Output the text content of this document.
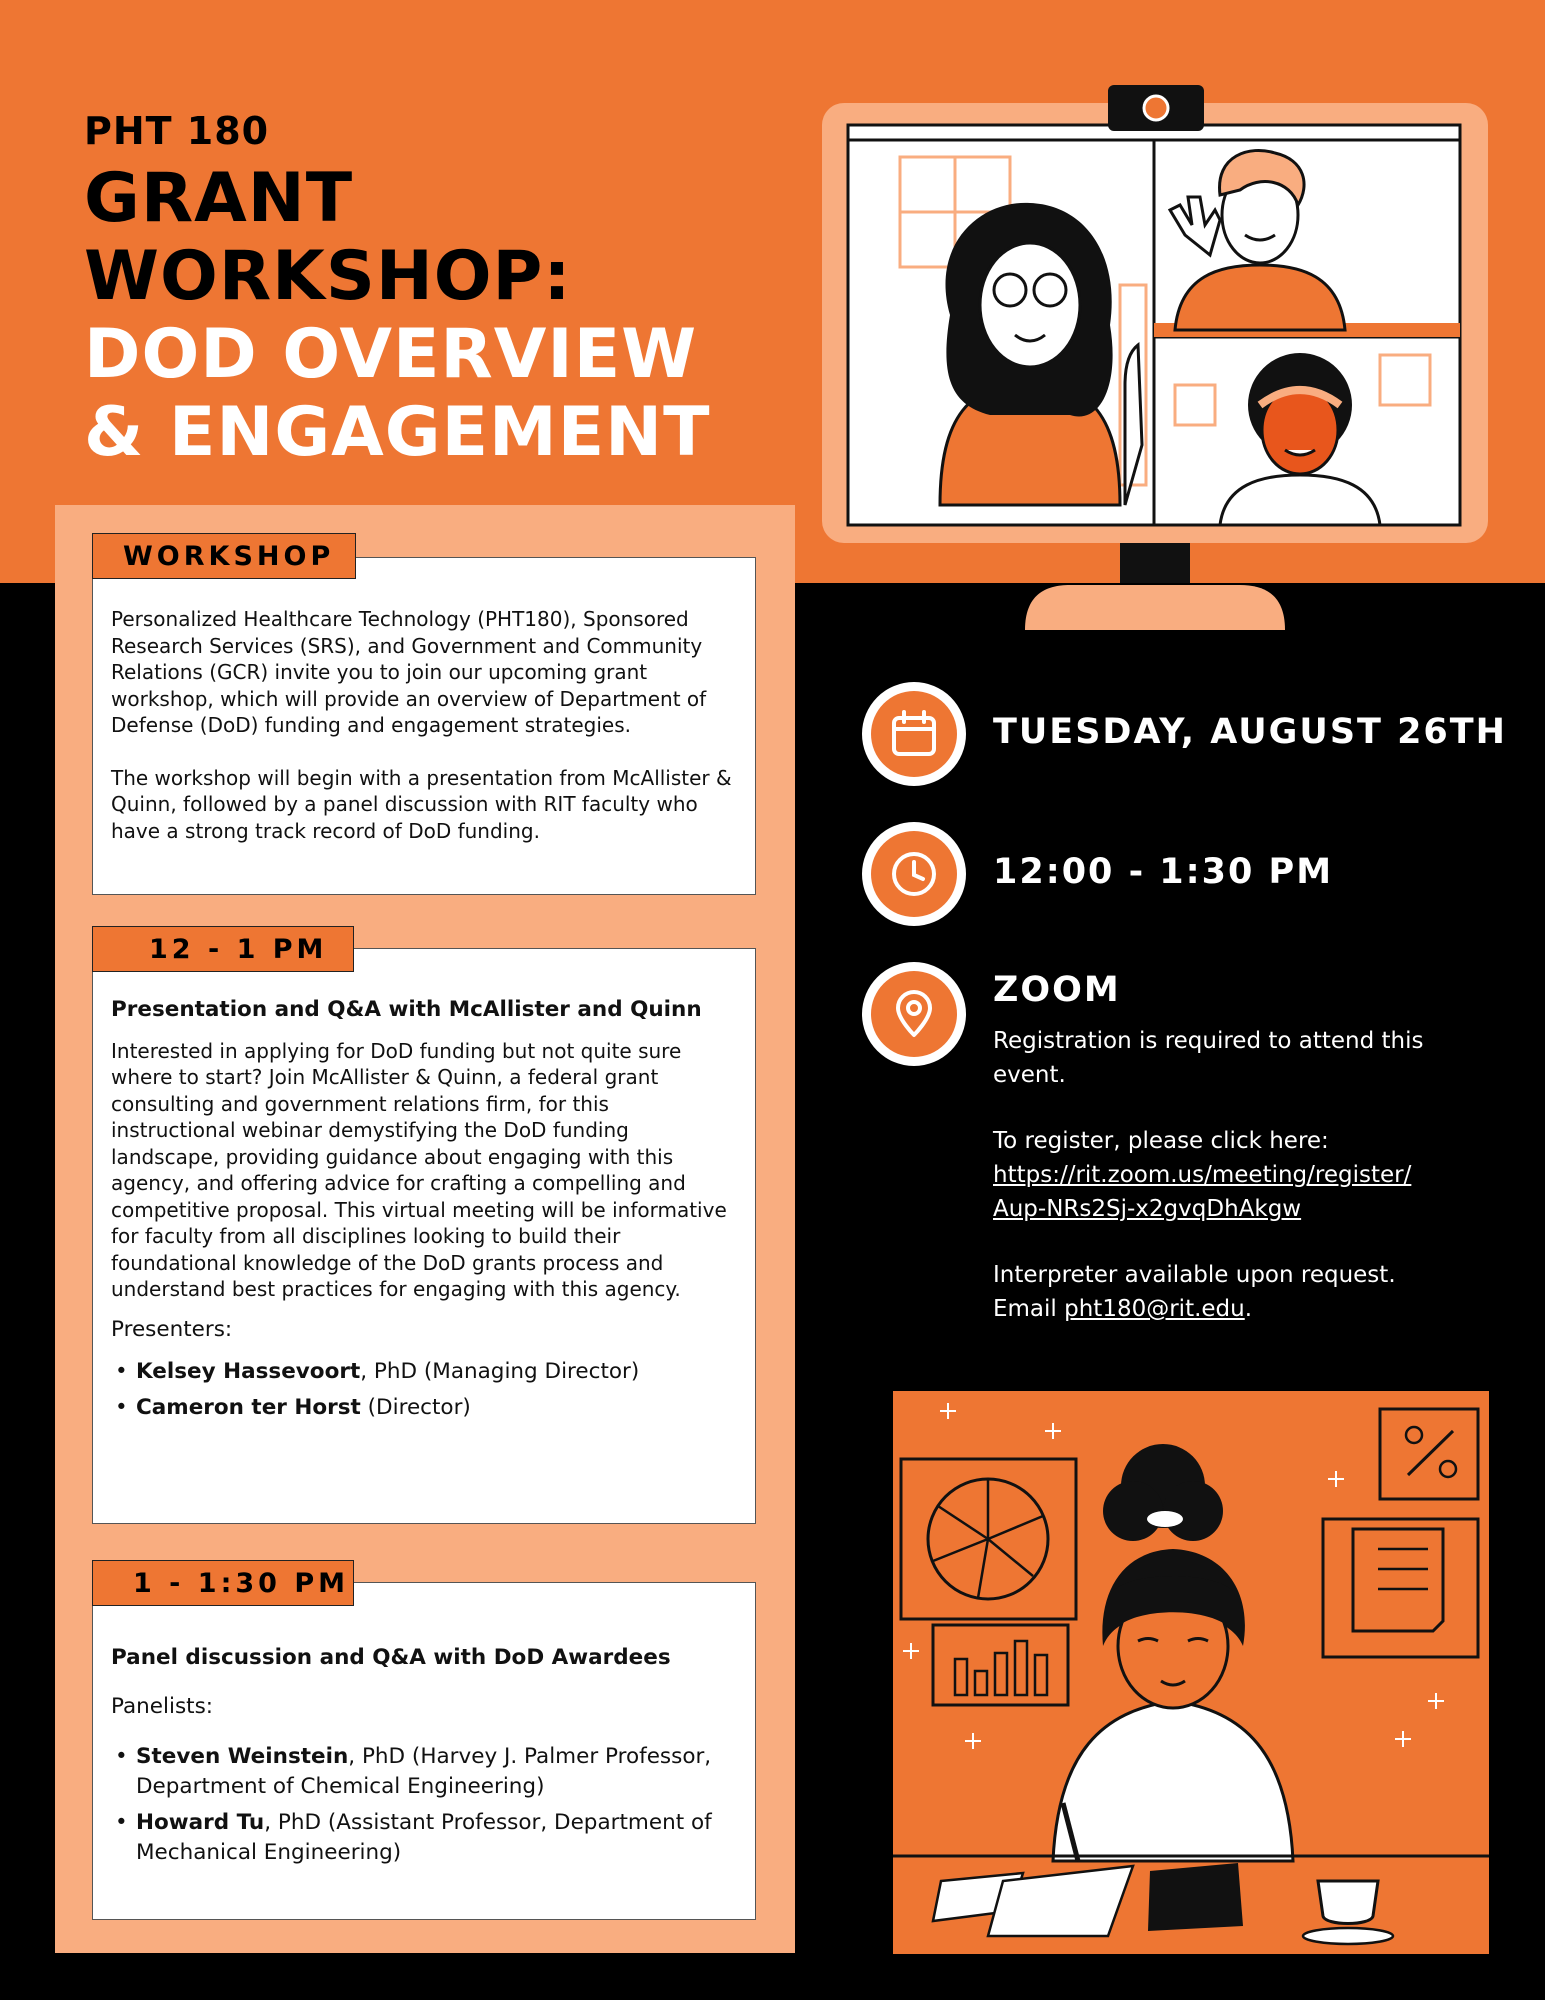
PHT 180
GRANT
WORKSHOP:
DOD OVERVIEW
& ENGAGEMENT

Personalized Healthcare Technology (PHT180), Sponsored Research Services (SRS), and Government and Community Relations (GCR) invite you to join our upcoming grant workshop, which will provide an overview of Department of Defense (DoD) funding and engagement strategies.

The workshop will begin with a presentation from McAllister & Quinn, followed by a panel discussion with RIT faculty who have a strong track record of DoD funding.

WORKSHOP

Presentation and Q&A with McAllister and Quinn

Interested in applying for DoD funding but not quite sure where to start? Join McAllister & Quinn, a federal grant consulting and government relations firm, for this instructional webinar demystifying the DoD funding landscape, providing guidance about engaging with this agency, and offering advice for crafting a compelling and competitive proposal. This virtual meeting will be informative for faculty from all disciplines looking to build their foundational knowledge of the DoD grants process and understand best practices for engaging with this agency.

Presenters:

• Kelsey Hassevoort, PhD (Managing Director)
• Cameron ter Horst (Director)
12 - 1 PM

Panel discussion and Q&A with DoD Awardees

Panelists:

• Steven Weinstein, PhD (Harvey J. Palmer Professor, Department of Chemical Engineering)
• Howard Tu, PhD (Assistant Professor, Department of Mechanical Engineering)
1 - 1:30 PM
TUESDAY, AUGUST 26TH
12:00 - 1:30 PM
ZOOM

Registration is required to attend this event.

To register, please click here:

https://rit.zoom.us/meeting/register/
Aup-NRs2Sj-x2gvqDhAkgw

Interpreter available upon request.

Email pht180@rit.edu.
